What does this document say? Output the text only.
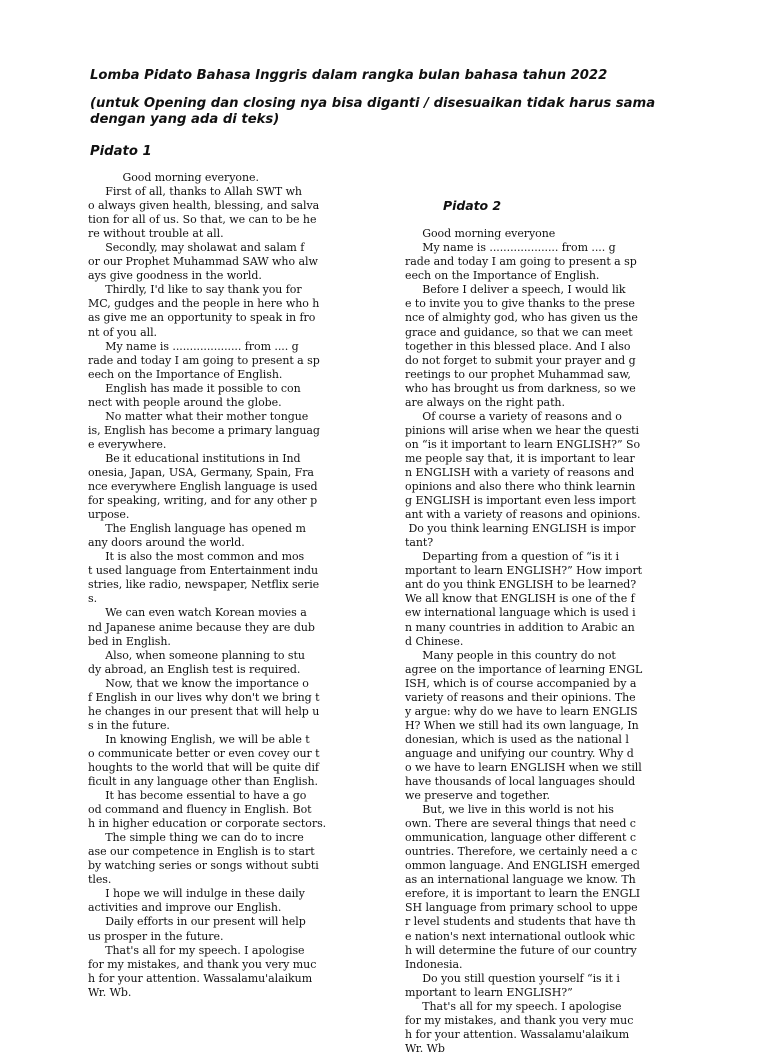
Lomba Pidato Bahasa Inggris dalam rangka bulan bahasa tahun 2022

(untuk Opening dan closing nya bisa diganti / disesuaikan tidak harus sama
dengan yang ada di teks)

Pidato 1

Good morning everyone.
First of all, thanks to Allah SWT wh
o always given health, blessing, and salva
tion for all of us. So that, we can to be he
re without trouble at all.
Secondly, may sholawat and salam f
or our Prophet Muhammad SAW who alw
ays give goodness in the world.
Thirdly, I'd like to say thank you for
MC, gudges and the people in here who h
as give me an opportunity to speak in fro
nt of you all.
My name is .................... from .... g
rade and today I am going to present a sp
eech on the Importance of English.
English has made it possible to con
nect with people around the globe.
No matter what their mother tongue
is, English has become a primary languag
e everywhere.
Be it educational institutions in Ind
onesia, Japan, USA, Germany, Spain, Fra
nce everywhere English language is used
for speaking, writing, and for any other p
urpose.
The English language has opened m
any doors around the world.
It is also the most common and mos
t used language from Entertainment indu
stries, like radio, newspaper, Netflix serie
s.
We can even watch Korean movies a
nd Japanese anime because they are dub
bed in English.
Also, when someone planning to stu
dy abroad, an English test is required.
Now, that we know the importance o
f English in our lives why don't we bring t
he changes in our present that will help u
s in the future.
In knowing English, we will be able t
o communicate better or even covey our t
houghts to the world that will be quite dif
ficult in any language other than English.
It has become essential to have a go
od command and fluency in English. Bot
h in higher education or corporate sectors.
The simple thing we can do to incre
ase our competence in English is to start
by watching series or songs without subti
tles.
I hope we will indulge in these daily
activities and improve our English.
Daily efforts in our present will help
us prosper in the future.
That's all for my speech. I apologise
for my mistakes, and thank you very muc
h for your attention. Wassalamu'alaikum
Wr. Wb.

Pidato 2

Good morning everyone
My name is .................... from .... g
rade and today I am going to present a sp
eech on the Importance of English.
Before I deliver a speech, I would lik
e to invite you to give thanks to the prese
nce of almighty god, who has given us the
grace and guidance, so that we can meet
together in this blessed place. And I also
do not forget to submit your prayer and g
reetings to our prophet Muhammad saw,
who has brought us from darkness, so we
are always on the right path.
Of course a variety of reasons and o
pinions will arise when we hear the questi
on “is it important to learn ENGLISH?” So
me people say that, it is important to lear
n ENGLISH with a variety of reasons and
opinions and also there who think learnin
g ENGLISH is important even less import
ant with a variety of reasons and opinions.
Do you think learning ENGLISH is impor
tant?
Departing from a question of “is it i
mportant to learn ENGLISH?” How import
ant do you think ENGLISH to be learned?
We all know that ENGLISH is one of the f
ew international language which is used i
n many countries in addition to Arabic an
d Chinese.
Many people in this country do not
agree on the importance of learning ENGL
ISH, which is of course accompanied by a
variety of reasons and their opinions. The
y argue: why do we have to learn ENGLIS
H? When we still had its own language, In
donesian, which is used as the national l
anguage and unifying our country. Why d
o we have to learn ENGLISH when we still
have thousands of local languages should
we preserve and together.
But, we live in this world is not his
own. There are several things that need c
ommunication, language other different c
ountries. Therefore, we certainly need a c
ommon language. And ENGLISH emerged
as an international language we know. Th
erefore, it is important to learn the ENGLI
SH language from primary school to uppe
r level students and students that have th
e nation's next international outlook whic
h will determine the future of our country
Indonesia.
Do you still question yourself “is it i
mportant to learn ENGLISH?”
That's all for my speech. I apologise
for my mistakes, and thank you very muc
h for your attention. Wassalamu'alaikum
Wr. Wb
